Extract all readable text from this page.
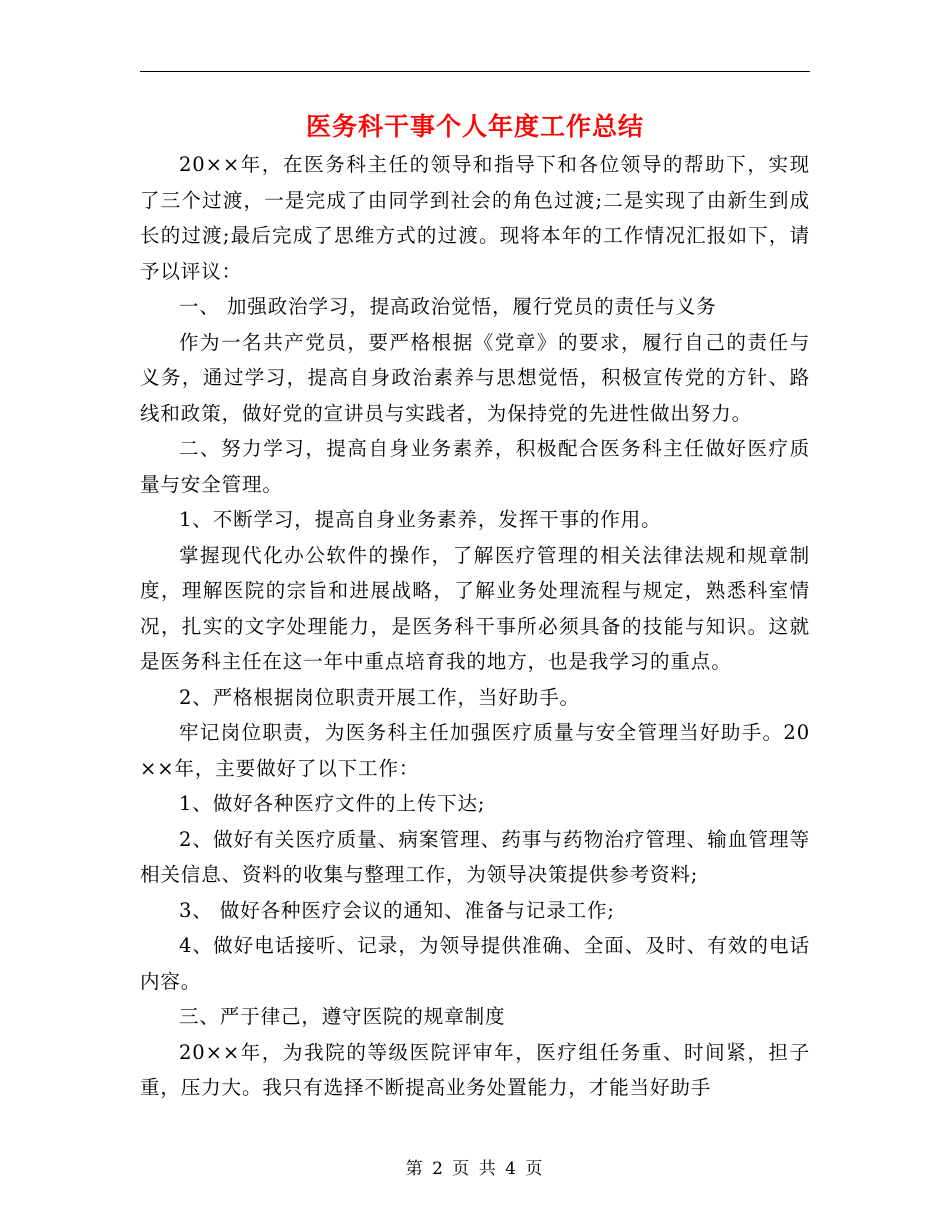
医务科干事个人年度工作总结

20××年，在医务科主任的领导和指导下和各位领导的帮助下，实现了三个过渡，一是完成了由同学到社会的角色过渡;二是实现了由新生到成长的过渡;最后完成了思维方式的过渡。现将本年的工作情况汇报如下，请予以评议：

一、 加强政治学习，提高政治觉悟，履行党员的责任与义务

作为一名共产党员，要严格根据《党章》的要求，履行自己的责任与义务，通过学习，提高自身政治素养与思想觉悟，积极宣传党的方针、路线和政策，做好党的宣讲员与实践者，为保持党的先进性做出努力。

二、努力学习，提高自身业务素养，积极配合医务科主任做好医疗质量与安全管理。

1、不断学习，提高自身业务素养，发挥干事的作用。

掌握现代化办公软件的操作，了解医疗管理的相关法律法规和规章制度，理解医院的宗旨和进展战略，了解业务处理流程与规定，熟悉科室情况，扎实的文字处理能力，是医务科干事所必须具备的技能与知识。这就是医务科主任在这一年中重点培育我的地方，也是我学习的重点。

2、严格根据岗位职责开展工作，当好助手。

牢记岗位职责，为医务科主任加强医疗质量与安全管理当好助手。20××年，主要做好了以下工作：

1、做好各种医疗文件的上传下达;

2、做好有关医疗质量、病案管理、药事与药物治疗管理、输血管理等相关信息、资料的收集与整理工作，为领导决策提供参考资料;

3、 做好各种医疗会议的通知、准备与记录工作;

4、做好电话接听、记录，为领导提供准确、全面、及时、有效的电话内容。

三、严于律己，遵守医院的规章制度

20××年，为我院的等级医院评审年，医疗组任务重、时间紧，担子重，压力大。我只有选择不断提高业务处置能力，才能当好助手

第 2 页 共 4 页
